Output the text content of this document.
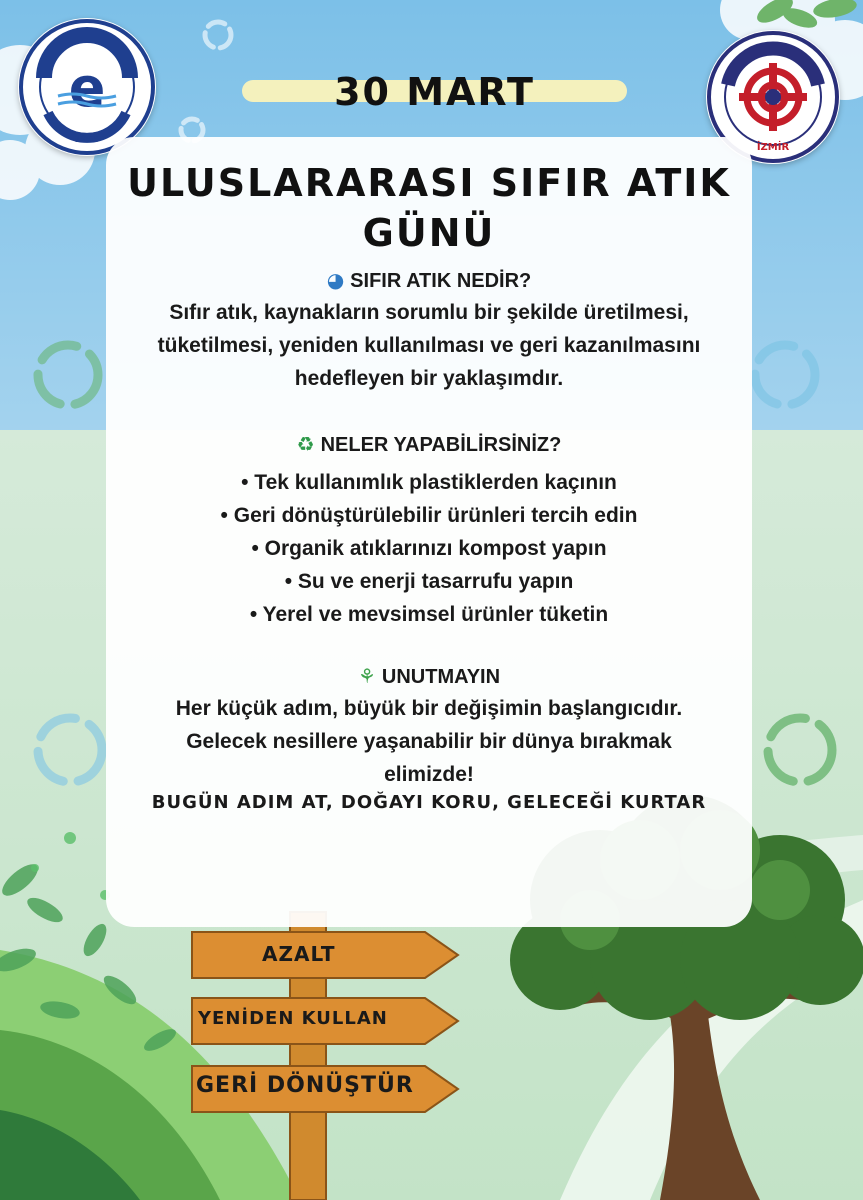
e
1955
İZMİR
30 MART
ULUSLARARASI SIFIR ATIK
GÜNÜ
◕ SIFIR ATIK NEDİR?
Sıfır atık, kaynakların sorumlu bir şekilde üretilmesi,
tüketilmesi, yeniden kullanılması ve geri kazanılmasını
hedefleyen bir yaklaşımdır.
♻ NELER YAPABİLİRSİNİZ?
• Tek kullanımlık plastiklerden kaçının
• Geri dönüştürülebilir ürünleri tercih edin
• Organik atıklarınızı kompost yapın
• Su ve enerji tasarrufu yapın
• Yerel ve mevsimsel ürünler tüketin
⚘ UNUTMAYIN
Her küçük adım, büyük bir değişimin başlangıcıdır.
Gelecek nesillere yaşanabilir bir dünya bırakmak
elimizde!
BUGÜN ADIM AT, DOĞAYI KORU, GELECEĞİ KURTAR
AZALT
YENİDEN KULLAN
GERİ DÖNÜŞTÜR
